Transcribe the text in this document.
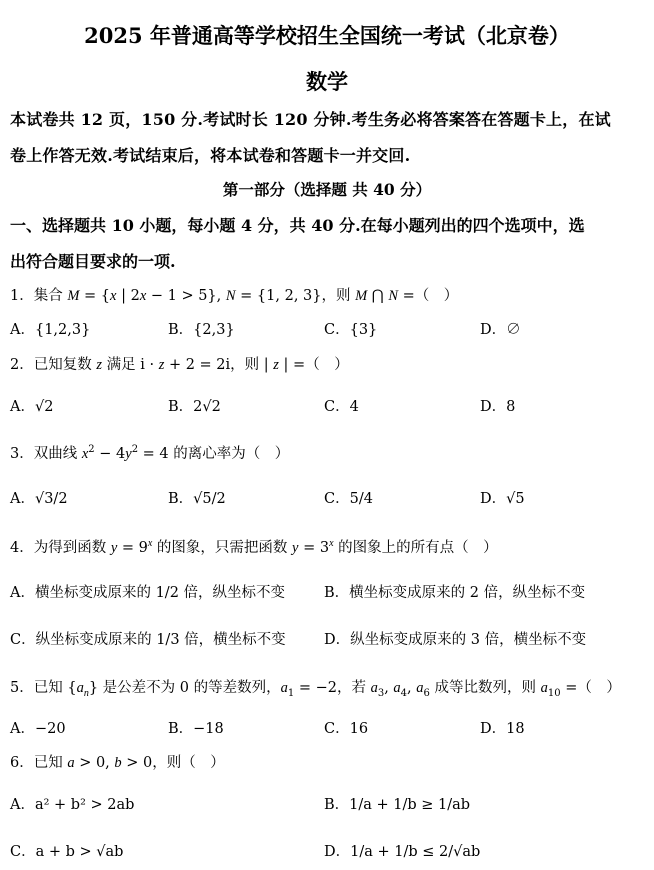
2025 年普通高等学校招生全国统一考试（北京卷）
数学
本试卷共 12 页，150 分.考试时长 120 分钟.考生务必将答案答在答题卡上，在试
卷上作答无效.考试结束后，将本试卷和答题卡一并交回.
第一部分（选择题 共 40 分）
一、选择题共 10 小题，每小题 4 分，共 40 分.在每小题列出的四个选项中，选
出符合题目要求的一项.
1．集合 M = {x | 2x − 1 > 5}, N = {1, 2, 3}，则 M ⋂ N =（　）
A．{1,2,3}	B．{2,3}	C．{3}	D．∅
2．已知复数 z 满足 i · z + 2 = 2i，则 | z | =（　）
A．√2	B．2√2	C．4	D．8
3．双曲线 $x^2 - 4y^2 = 4$ 的离心率为（　）
A．√3/2	B．√5/2	C．5/4	D．√5
4．为得到函数 $y = 9^x$ 的图象，只需把函数 $y = 3^x$ 的图象上的所有点（　）
A．横坐标变成原来的 1/2 倍，纵坐标不变	B．横坐标变成原来的 2 倍，纵坐标不变
C．纵坐标变成原来的 1/3 倍，横坐标不变	D．纵坐标变成原来的 3 倍，横坐标不变
5．已知 $\{a_n\}$ 是公差不为 0 的等差数列，$a_1 = -2$，若 $a_3$, $a_4$, $a_6$ 成等比数列，则 $a_{10}$ =（　）
A．−20	B．−18	C．16	D．18
6．已知 a > 0, b > 0，则（　）
A．a² + b² > 2ab	B．1/a + 1/b ≥ 1/ab
C．a + b > √ab	D．1/a + 1/b ≤ 2/√ab
